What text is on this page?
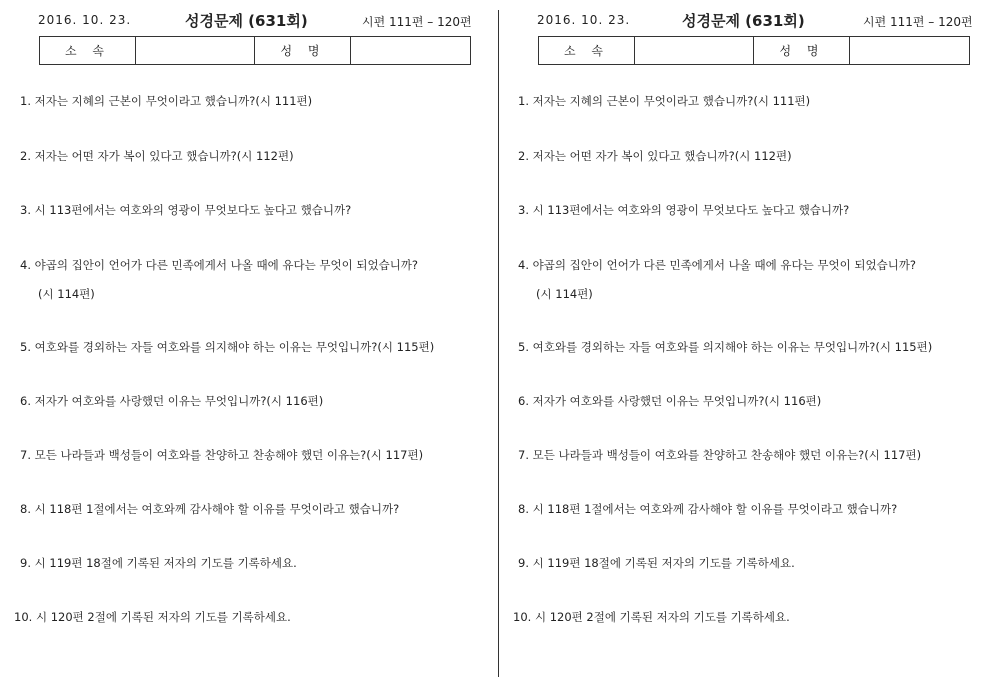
2016. 10. 23.	성경문제 (631회)	시편 111편 – 120편
소 속		성 명	
1. 저자는 지혜의 근본이 무엇이라고 했습니까?(시 111편)
2. 저자는 어떤 자가 복이 있다고 했습니까?(시 112편)
3. 시 113편에서는 여호와의 영광이 무엇보다도 높다고 했습니까?
4. 야곱의 집안이 언어가 다른 민족에게서 나올 때에 유다는 무엇이 되었습니까?
(시 114편)
5. 여호와를 경외하는 자들 여호와를 의지해야 하는 이유는 무엇입니까?(시 115편)
6. 저자가 여호와를 사랑했던 이유는 무엇입니까?(시 116편)
7. 모든 나라들과 백성들이 여호와를 찬양하고 찬송해야 했던 이유는?(시 117편)
8. 시 118편 1절에서는 여호와께 감사해야 할 이유를 무엇이라고 했습니까?
9. 시 119편 18절에 기록된 저자의 기도를 기록하세요.
10. 시 120편 2절에 기록된 저자의 기도를 기록하세요.
2016. 10. 23.	성경문제 (631회)	시편 111편 – 120편
소 속		성 명	
1. 저자는 지혜의 근본이 무엇이라고 했습니까?(시 111편)
2. 저자는 어떤 자가 복이 있다고 했습니까?(시 112편)
3. 시 113편에서는 여호와의 영광이 무엇보다도 높다고 했습니까?
4. 야곱의 집안이 언어가 다른 민족에게서 나올 때에 유다는 무엇이 되었습니까?
(시 114편)
5. 여호와를 경외하는 자들 여호와를 의지해야 하는 이유는 무엇입니까?(시 115편)
6. 저자가 여호와를 사랑했던 이유는 무엇입니까?(시 116편)
7. 모든 나라들과 백성들이 여호와를 찬양하고 찬송해야 했던 이유는?(시 117편)
8. 시 118편 1절에서는 여호와께 감사해야 할 이유를 무엇이라고 했습니까?
9. 시 119편 18절에 기록된 저자의 기도를 기록하세요.
10. 시 120편 2절에 기록된 저자의 기도를 기록하세요.
